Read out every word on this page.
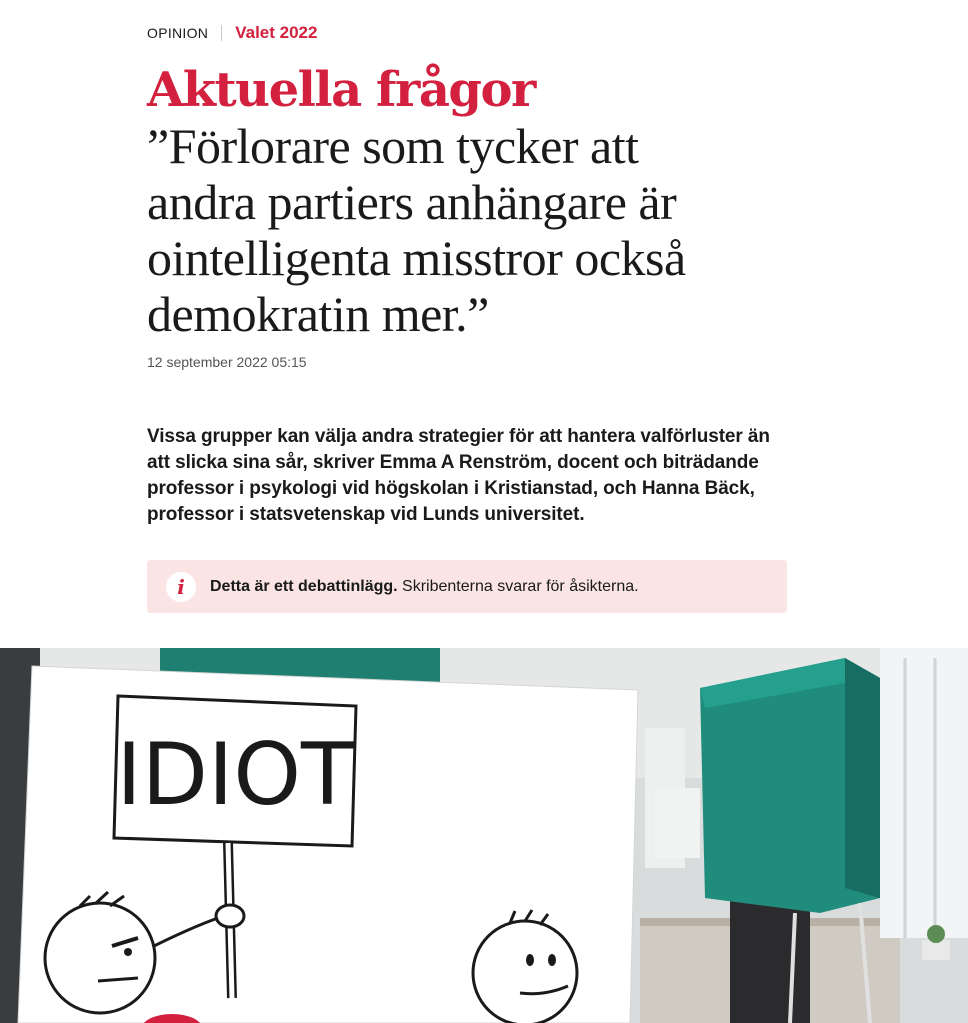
OPINION Valet 2022
Aktuella frågor
”Förlorare som tycker att
andra partiers anhängare är
ointelligenta misstror också
demokratin mer.”
12 september 2022 05:15

Vissa grupper kan välja andra strategier för att hantera valförluster än att slicka sina sår, skriver Emma A Renström, docent och biträdande professor i psykologi vid högskolan i Kristianstad, och Hanna Bäck, professor i statsvetenskap vid Lunds universitet.

i	Detta är ett debattinlägg. Skribenterna svarar för åsikterna.
IDIOT
